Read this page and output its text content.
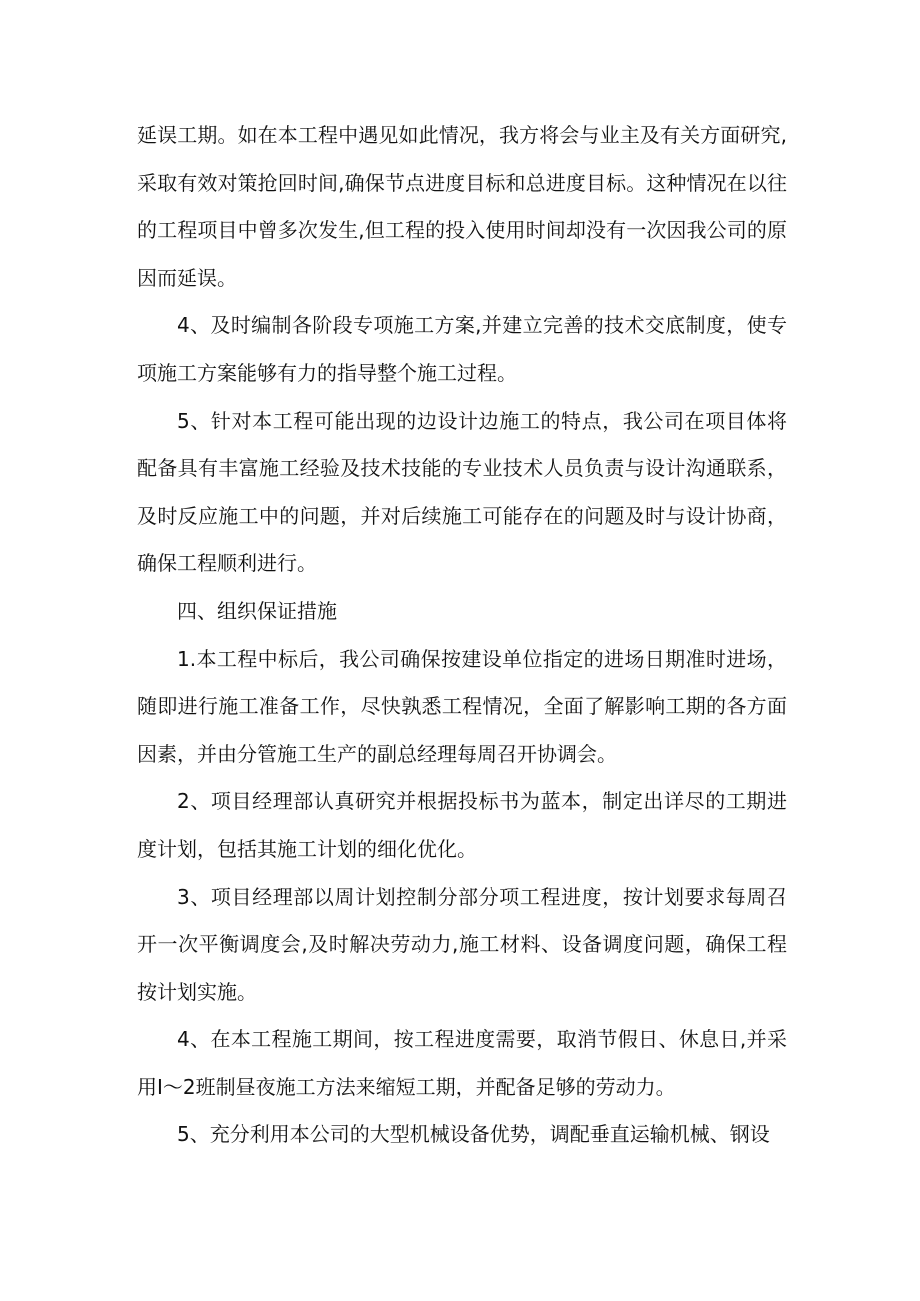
延误工期。如在本工程中遇见如此情况，我方将会与业主及有关方面研究,采取有效对策抢回时间,确保节点进度目标和总进度目标。这种情况在以往的工程项目中曾多次发生,但工程的投入使用时间却没有一次因我公司的原因而延误。

4、及时编制各阶段专项施工方案,并建立完善的技术交底制度，使专项施工方案能够有力的指导整个施工过程。

5、针对本工程可能出现的边设计边施工的特点，我公司在项目体将配备具有丰富施工经验及技术技能的专业技术人员负责与设计沟通联系，及时反应施工中的问题，并对后续施工可能存在的问题及时与设计协商，确保工程顺利进行。

四、组织保证措施

1.本工程中标后，我公司确保按建设单位指定的进场日期准时进场，随即进行施工准备工作，尽快孰悉工程情况，全面了解影响工期的各方面因素，并由分管施工生产的副总经理每周召开协调会。

2、项目经理部认真研究并根据投标书为蓝本，制定出详尽的工期进度计划，包括其施工计划的细化优化。

3、项目经理部以周计划控制分部分项工程进度，按计划要求每周召开一次平衡调度会,及时解决劳动力,施工材料、设备调度问题，确保工程按计划实施。

4、在本工程施工期间，按工程进度需要，取消节假日、休息日,并采用I～2班制昼夜施工方法来缩短工期，并配备足够的劳动力。

5、充分利用本公司的大型机械设备优势，调配垂直运输机械、钢设
